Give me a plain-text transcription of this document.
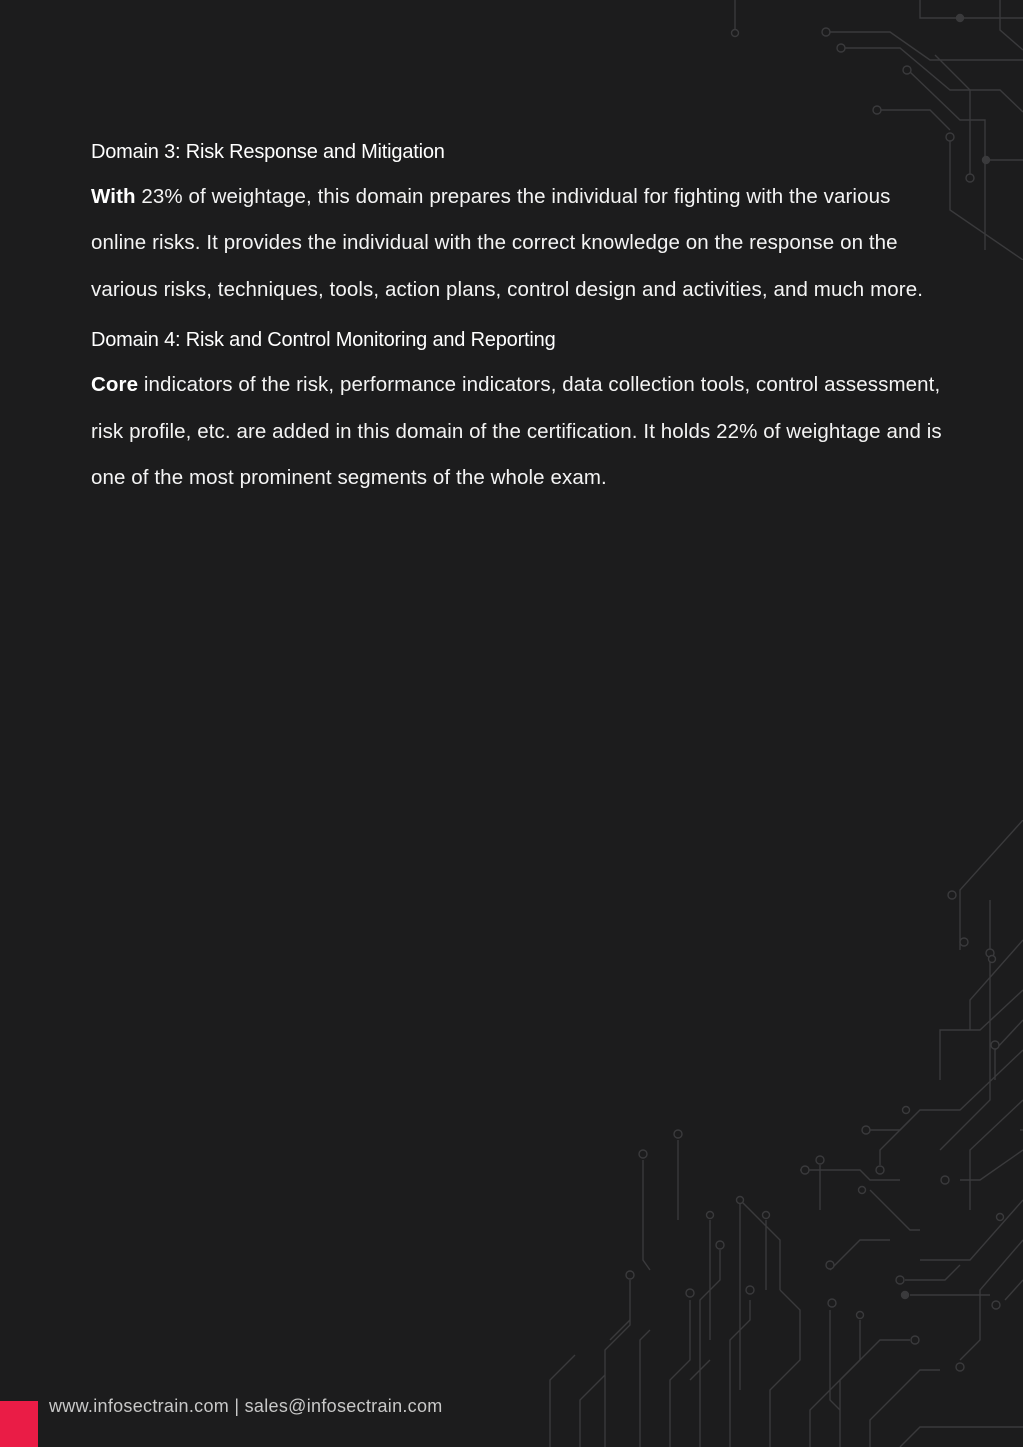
Domain 3: Risk Response and Mitigation

With 23% of weightage, this domain prepares the individual for fighting with the various online risks. It provides the individual with the correct knowledge on the response on the various risks, techniques, tools, action plans, control design and activities, and much more.

Domain 4: Risk and Control Monitoring and Reporting

Core indicators of the risk, performance indicators, data collection tools, control assessment, risk profile, etc. are added in this domain of the certification. It holds 22% of weightage and is one of the most prominent segments of the whole exam.

www.infosectrain.com | sales@infosectrain.com
